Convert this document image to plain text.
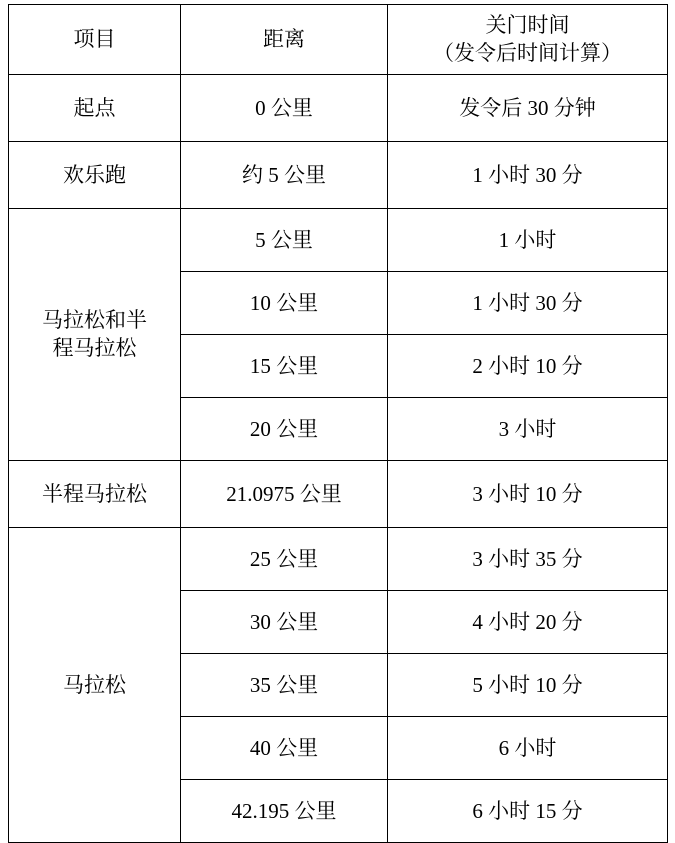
项目	距离	关门时间
（发令后时间计算）

起点	0 公里	发令后 30 分钟
欢乐跑	约 5 公里	1 小时 30 分

马拉松和半
程马拉松	5 公里	1 小时
	10 公里	1 小时 30 分
	15 公里	2 小时 10 分
	20 公里	3 小时
半程马拉松	21.0975 公里	3 小时 10 分
马拉松	25 公里	3 小时 35 分
	30 公里	4 小时 20 分
	35 公里	5 小时 10 分
	40 公里	6 小时
	42.195 公里	6 小时 15 分
